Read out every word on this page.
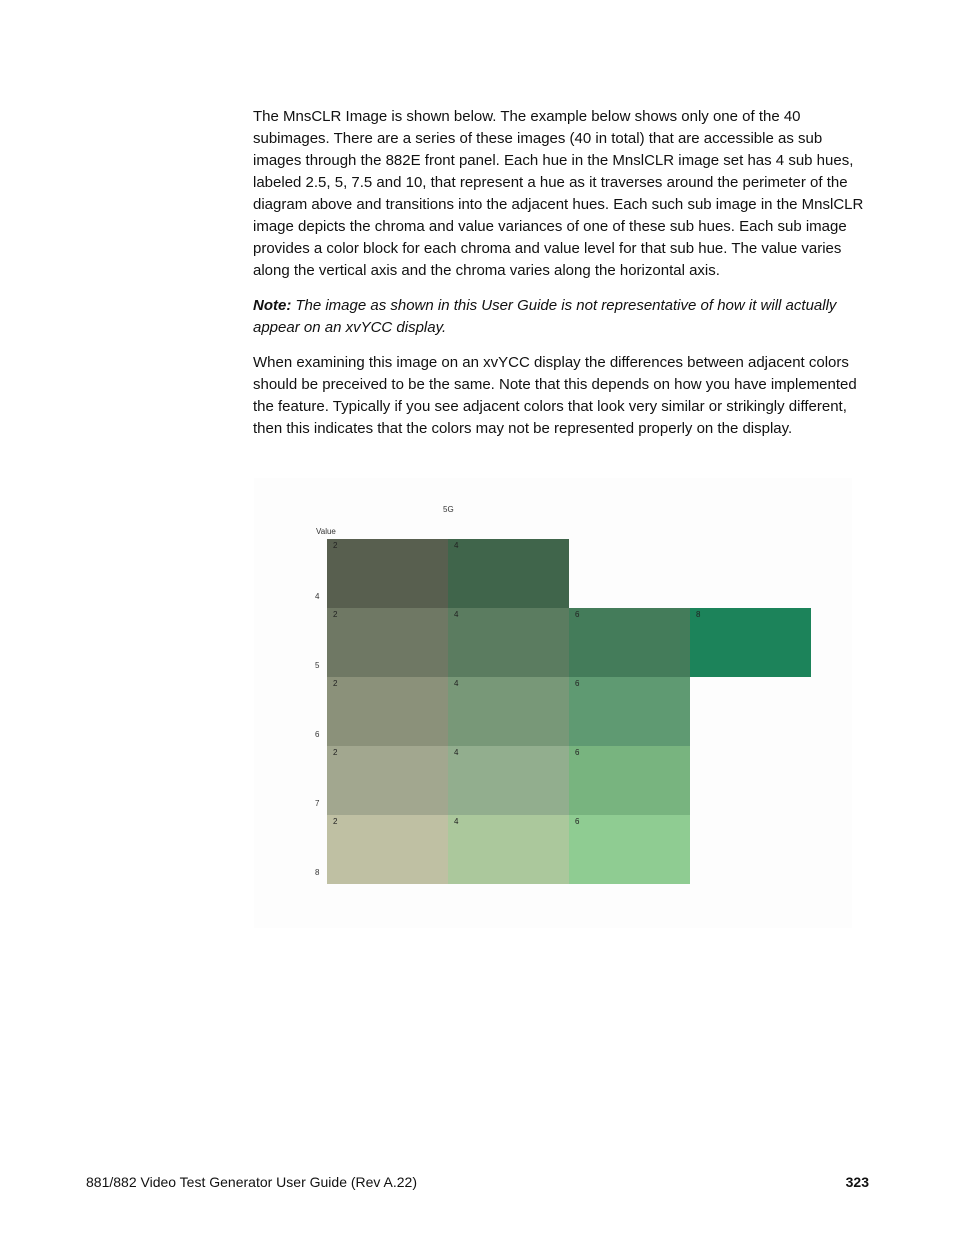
The MnsCLR Image is shown below. The example below shows only one of the 40 subimages. There are a series of these images (40 in total) that are accessible as sub images through the 882E front panel. Each hue in the MnslCLR image set has 4 sub hues, labeled 2.5, 5, 7.5 and 10, that represent a hue as it traverses around the perimeter of the diagram above and transitions into the adjacent hues. Each such sub image in the MnslCLR image depicts the chroma and value variances of one of these sub hues. Each sub image provides a color block for each chroma and value level for that sub hue. The value varies along the vertical axis and the chroma varies along the horizontal axis.

Note: The image as shown in this User Guide is not representative of how it will actually appear on an xvYCC display.

When examining this image on an xvYCC display the differences between adjacent colors should be preceived to be the same. Note that this depends on how you have implemented the feature. Typically if you see adjacent colors that look very similar or strikingly different, then this indicates that the colors may not be represented properly on the display.

5G
Value
2	4
2	4	6	8
2	4	6
2	4	6
2	4	6
4
5
6
7
8
881/882 Video Test Generator User Guide (Rev A.22)	323
